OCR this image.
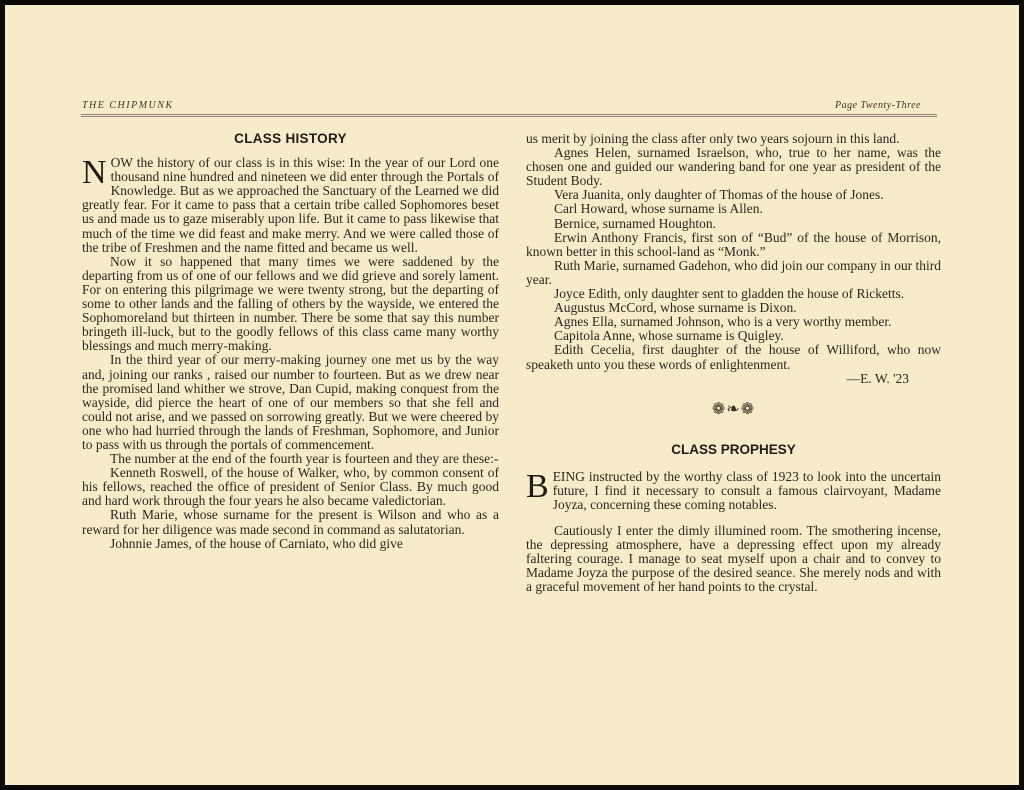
THE CHIPMUNK	Page Twenty-Three
CLASS HISTORY

NOW the history of our class is in this wise: In the year of our Lord one thousand nine hundred and nineteen we did enter through the Portals of Knowledge. But as we approached the Sanctuary of the Learned we did greatly fear. For it came to pass that a certain tribe called Sophomores beset us and made us to gaze miserably upon life. But it came to pass likewise that much of the time we did feast and make merry. And we were called those of the tribe of Freshmen and the name fitted and became us well.

Now it so happened that many times we were saddened by the departing from us of one of our fellows and we did grieve and sorely lament. For on entering this pilgrimage we were twenty strong, but the departing of some to other lands and the falling of others by the wayside, we entered the Sophomoreland but thirteen in number. There be some that say this number bringeth ill-luck, but to the goodly fellows of this class came many worthy blessings and much merry-making.

In the third year of our merry-making journey one met us by the way and, joining our ranks , raised our number to fourteen. But as we drew near the promised land whither we strove, Dan Cupid, making conquest from the wayside, did pierce the heart of one of our members so that she fell and could not arise, and we passed on sorrowing greatly. But we were cheered by one who had hurried through the lands of Freshman, Sophomore, and Junior to pass with us through the portals of commencement.

The number at the end of the fourth year is fourteen and they are these:-

Kenneth Roswell, of the house of Walker, who, by common consent of his fellows, reached the office of president of Senior Class. By much good and hard work through the four years he also became valedictorian.

Ruth Marie, whose surname for the present is Wilson and who as a reward for her diligence was made second in command as salutatorian.

Johnnie James, of the house of Carniato, who did give

us merit by joining the class after only two years sojourn in this land.

Agnes Helen, surnamed Israelson, who, true to her name, was the chosen one and guided our wandering band for one year as president of the Student Body.

Vera Juanita, only daughter of Thomas of the house of Jones.

Carl Howard, whose surname is Allen.

Bernice, surnamed Houghton.

Erwin Anthony Francis, first son of “Bud” of the house of Morrison, known better in this school-land as “Monk.”

Ruth Marie, surnamed Gadehon, who did join our company in our third year.

Joyce Edith, only daughter sent to gladden the house of Ricketts.

Augustus McCord, whose surname is Dixon.

Agnes Ella, surnamed Johnson, who is a very worthy member.

Capitola Anne, whose surname is Quigley.

Edith Cecelia, first daughter of the house of Williford, who now speaketh unto you these words of enlightenment.

—E. W. '23

❁❧❁
CLASS PROPHESY

BEING instructed by the worthy class of 1923 to look into the uncertain future, I find it necessary to consult a famous clairvoyant, Madame Joyza, concerning these coming notables.

Cautiously I enter the dimly illumined room. The smothering incense, the depressing atmosphere, have a depressing effect upon my already faltering courage. I manage to seat myself upon a chair and to convey to Madame Joyza the purpose of the desired seance. She merely nods and with a graceful movement of her hand points to the crystal.
